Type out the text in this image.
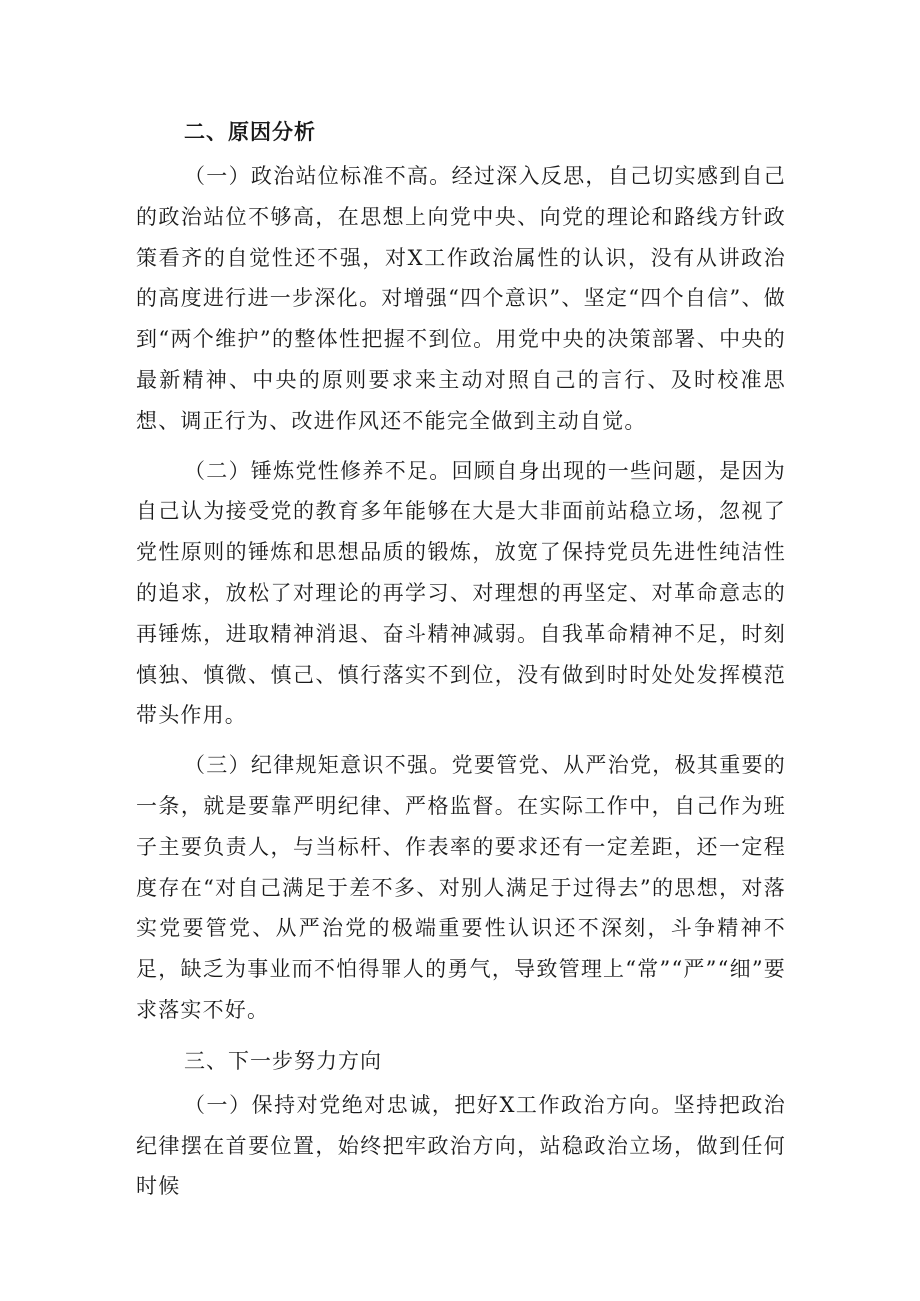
二、原因分析

（一）政治站位标准不高。经过深入反思，自己切实感到自己的政治站位不够高，在思想上向党中央、向党的理论和路线方针政策看齐的自觉性还不强，对X工作政治属性的认识，没有从讲政治的高度进行进一步深化。对增强“四个意识”、坚定“四个自信”、做到“两个维护”的整体性把握不到位。用党中央的决策部署、中央的最新精神、中央的原则要求来主动对照自己的言行、及时校准思想、调正行为、改进作风还不能完全做到主动自觉。

（二）锤炼党性修养不足。回顾自身出现的一些问题，是因为自己认为接受党的教育多年能够在大是大非面前站稳立场，忽视了党性原则的锤炼和思想品质的锻炼，放宽了保持党员先进性纯洁性的追求，放松了对理论的再学习、对理想的再坚定、对革命意志的再锤炼，进取精神消退、奋斗精神减弱。自我革命精神不足，时刻慎独、慎微、慎己、慎行落实不到位，没有做到时时处处发挥模范带头作用。

（三）纪律规矩意识不强。党要管党、从严治党，极其重要的一条，就是要靠严明纪律、严格监督。在实际工作中，自己作为班子主要负责人，与当标杆、作表率的要求还有一定差距，还一定程度存在“对自己满足于差不多、对别人满足于过得去”的思想，对落实党要管党、从严治党的极端重要性认识还不深刻，斗争精神不足，缺乏为事业而不怕得罪人的勇气，导致管理上“常”“严”“细”要求落实不好。

三、下一步努力方向

（一）保持对党绝对忠诚，把好X工作政治方向。坚持把政治纪律摆在首要位置，始终把牢政治方向，站稳政治立场，做到任何时候
